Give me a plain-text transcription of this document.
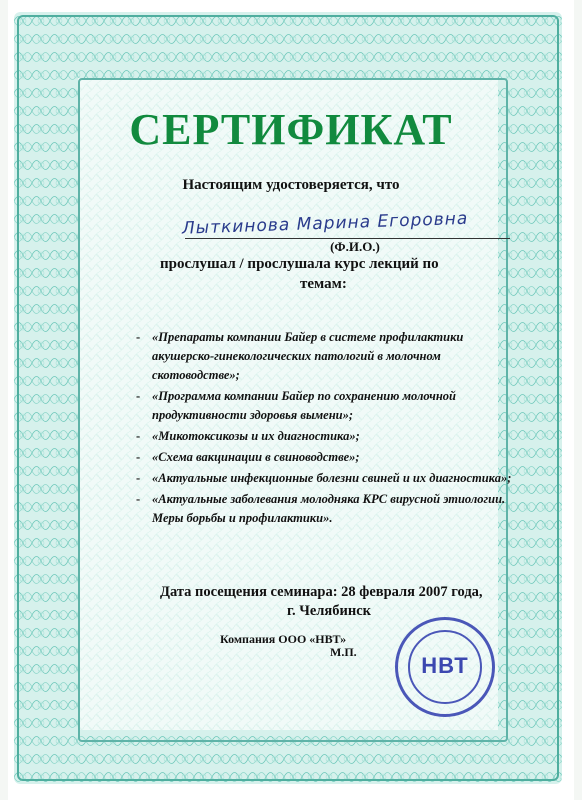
СЕРТИФИКАТ
Настоящим удостоверяется, что
Лыткинова Марина Егоровна
(Ф.И.О.)
прослушал / прослушала курс лекций по
темам:
- «Препараты компании Байер в системе профилактики акушерско-гинекологических патологий в молочном скотоводстве»;
- «Программа компании Байер по сохранению молочной продуктивности здоровья вымени»;
- «Микотоксикозы и их диагностика»;
- «Схема вакцинации в свиноводстве»;
- «Актуальные инфекционные болезни свиней и их диагностика»;
- «Актуальные заболевания молодняка КРС вирусной этиологии. Меры борьбы и профилактики».
Дата посещения семинара: 28 февраля 2007 года,
г. Челябинск
Компания ООО «НВТ»
М.П.
НВТ
